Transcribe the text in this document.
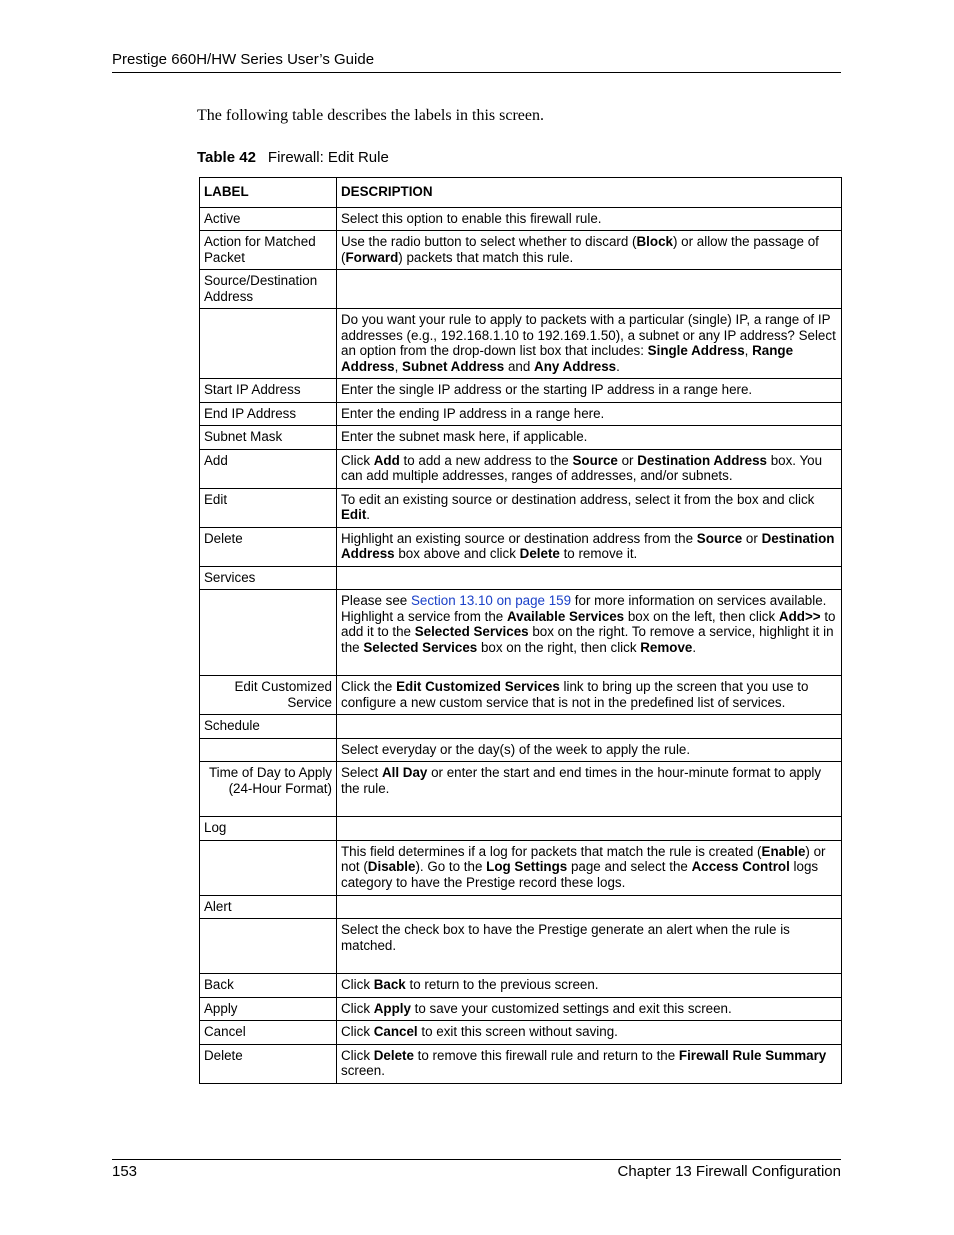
Prestige 660H/HW Series User’s Guide
The following table describes the labels in this screen.
Table 42 Firewall: Edit Rule
LABEL	DESCRIPTION
Active	Select this option to enable this firewall rule.
Action for Matched Packet	Use the radio button to select whether to discard (Block) or allow the passage of (Forward) packets that match this rule.
Source/Destination Address	
	Do you want your rule to apply to packets with a particular (single) IP, a range of IP addresses (e.g., 192.168.1.10 to 192.169.1.50), a subnet or any IP address? Select an option from the drop-down list box that includes: Single Address, Range Address, Subnet Address and Any Address.
Start IP Address	Enter the single IP address or the starting IP address in a range here.
End IP Address	Enter the ending IP address in a range here.
Subnet Mask	Enter the subnet mask here, if applicable.
Add	Click Add to add a new address to the Source or Destination Address box. You can add multiple addresses, ranges of addresses, and/or subnets.
Edit	To edit an existing source or destination address, select it from the box and click Edit.
Delete	Highlight an existing source or destination address from the Source or Destination Address box above and click Delete to remove it.
Services	
	Please see Section 13.10 on page 159 for more information on services available. Highlight a service from the Available Services box on the left, then click Add>> to add it to the Selected Services box on the right. To remove a service, highlight it in the Selected Services box on the right, then click Remove.
Edit Customized Service	Click the Edit Customized Services link to bring up the screen that you use to configure a new custom service that is not in the predefined list of services.
Schedule	
	Select everyday or the day(s) of the week to apply the rule.
Time of Day to Apply (24-Hour Format)	Select All Day or enter the start and end times in the hour-minute format to apply the rule.
Log	
	This field determines if a log for packets that match the rule is created (Enable) or not (Disable). Go to the Log Settings page and select the Access Control logs category to have the Prestige record these logs.
Alert	
	Select the check box to have the Prestige generate an alert when the rule is matched.
Back	Click Back to return to the previous screen.
Apply	Click Apply to save your customized settings and exit this screen.
Cancel	Click Cancel to exit this screen without saving.
Delete	Click Delete to remove this firewall rule and return to the Firewall Rule Summary screen.
153	Chapter 13 Firewall Configuration
